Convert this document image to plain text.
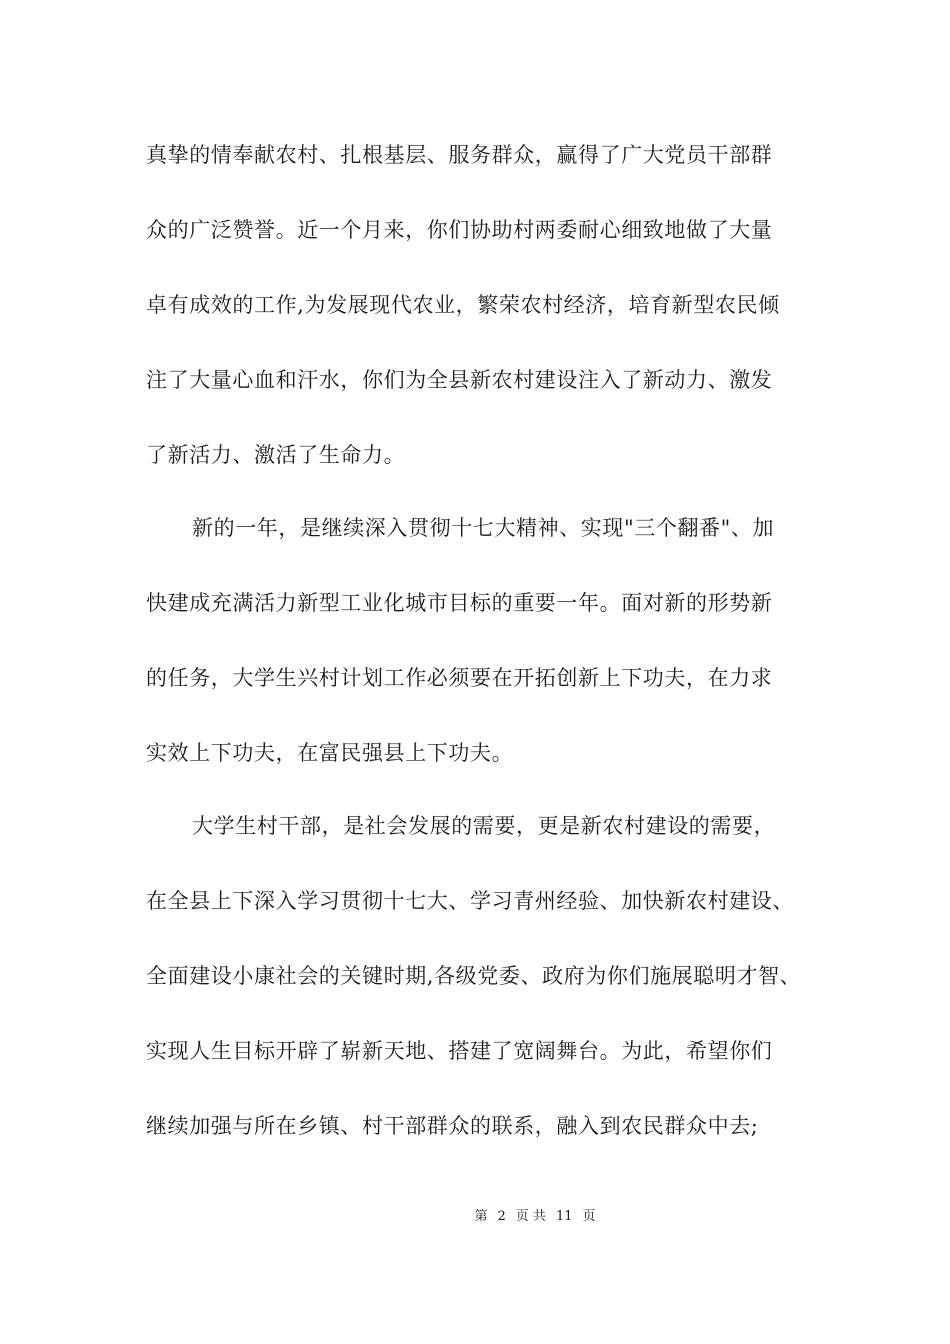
真挚的情奉献农村、扎根基层、服务群众，赢得了广大党员干部群
众的广泛赞誉。近一个月来，你们协助村两委耐心细致地做了大量
卓有成效的工作,为发展现代农业，繁荣农村经济，培育新型农民倾
注了大量心血和汗水，你们为全县新农村建设注入了新动力、激发
了新活力、激活了生命力。
新的一年，是继续深入贯彻十七大精神、实现"三个翻番"、加
快建成充满活力新型工业化城市目标的重要一年。面对新的形势新
的任务，大学生兴村计划工作必须要在开拓创新上下功夫，在力求
实效上下功夫，在富民强县上下功夫。
大学生村干部，是社会发展的需要，更是新农村建设的需要，
在全县上下深入学习贯彻十七大、学习青州经验、加快新农村建设、
全面建设小康社会的关键时期,各级党委、政府为你们施展聪明才智、
实现人生目标开辟了崭新天地、搭建了宽阔舞台。为此，希望你们
继续加强与所在乡镇、村干部群众的联系，融入到农民群众中去;
第 2 页 共 11 页
